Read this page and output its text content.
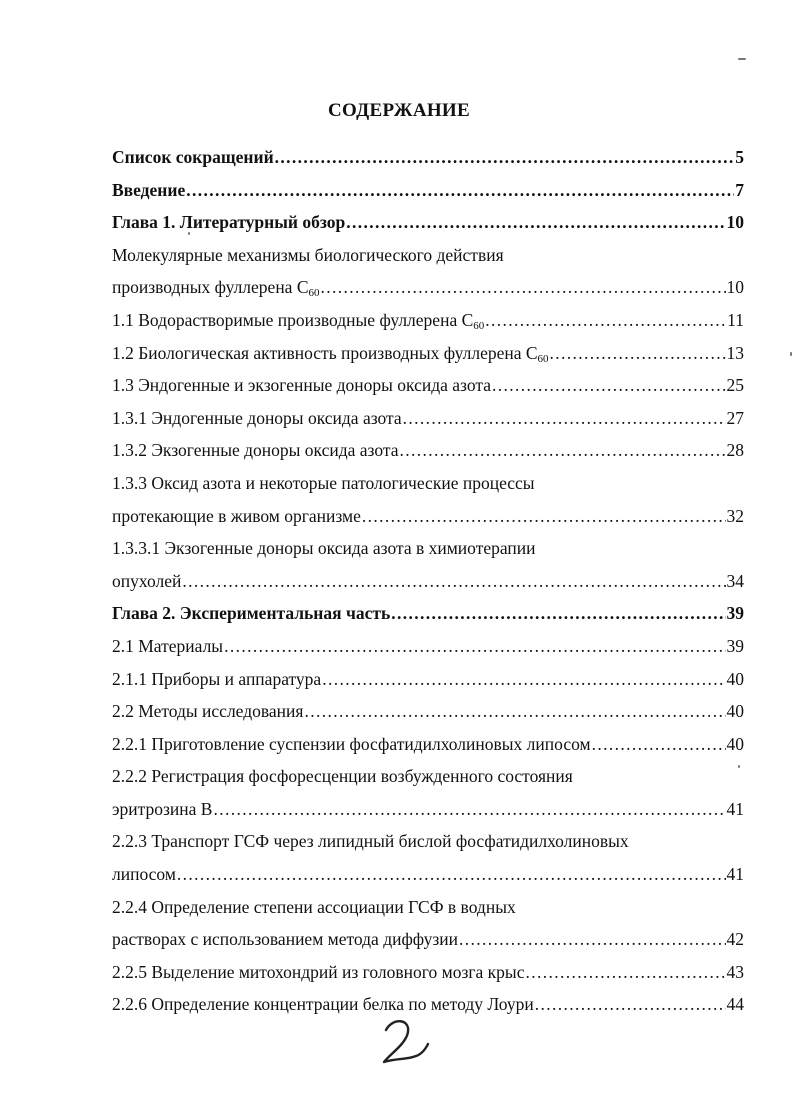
СОДЕРЖАНИЕ
Список сокращений . . .	5
Введение . . .	7
Глава 1. Литературный обзор . . .	10
Молекулярные механизмы биологического действия
производных фуллерена $C_{60}$ . . .	10
1.1 Водорастворимые производные фуллерена $C_{60}$ . . .	11
1.2 Биологическая активность производных фуллерена $C_{60}$ . . .	13
1.3 Эндогенные и экзогенные доноры оксида азота . . .	25
1.3.1 Эндогенные доноры оксида азота . . .	27
1.3.2 Экзогенные доноры оксида азота . . .	28
1.3.3 Оксид азота и некоторые патологические процессы
протекающие в живом организме . . .	32
1.3.3.1 Экзогенные доноры оксида азота в химиотерапии
опухолей . . .	34
Глава 2. Экспериментальная часть . . .	39
2.1 Материалы . . .	39
2.1.1 Приборы и аппаратура . . .	40
2.2 Методы исследования . . .	40
2.2.1 Приготовление суспензии фосфатидилхолиновых липосом . . .	40
2.2.2 Регистрация фосфоресценции возбужденного состояния
эритрозина B . . .	41
2.2.3 Транспорт ГСФ через липидный бислой фосфатидилхолиновых
липосом . . .	41
2.2.4 Определение степени ассоциации ГСФ в водных
растворах с использованием метода диффузии . . .	42
2.2.5 Выделение митохондрий из головного мозга крыс . . .	43
2.2.6 Определение концентрации белка по методу Лоури . . .	44
